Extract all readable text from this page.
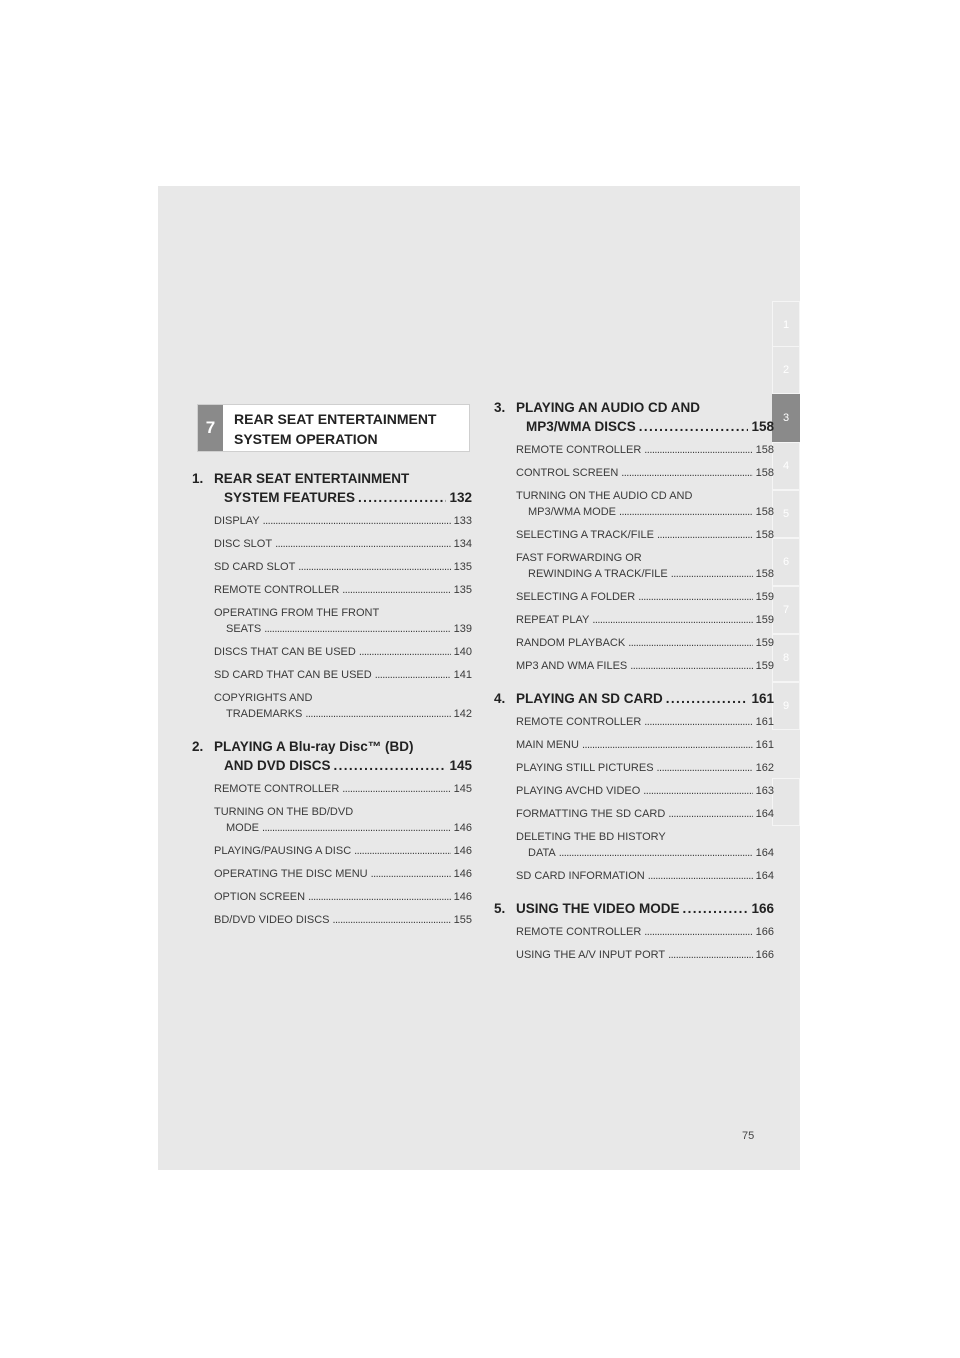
1
2
3
4
5
6
7
8
9
7	REAR SEAT ENTERTAINMENT
SYSTEM OPERATION
1. REAR SEAT ENTERTAINMENT
SYSTEM FEATURES . . .	132
DISPLAY . . .	133
DISC SLOT . . .	134
SD CARD SLOT . . .	135
REMOTE CONTROLLER . . .	135
OPERATING FROM THE FRONT
SEATS . . .	139
DISCS THAT CAN BE USED . . .	140
SD CARD THAT CAN BE USED . . .	141
COPYRIGHTS AND
TRADEMARKS . . .	142
2. PLAYING A Blu-ray Disc™ (BD)
AND DVD DISCS . . .	145
REMOTE CONTROLLER . . .	145
TURNING ON THE BD/DVD
MODE . . .	146
PLAYING/PAUSING A DISC . . .	146
OPERATING THE DISC MENU . . .	146
OPTION SCREEN . . .	146
BD/DVD VIDEO DISCS . . .	155
3. PLAYING AN AUDIO CD AND
MP3/WMA DISCS . . .	158
REMOTE CONTROLLER . . .	158
CONTROL SCREEN . . .	158
TURNING ON THE AUDIO CD AND
MP3/WMA MODE . . .	158
SELECTING A TRACK/FILE . . .	158
FAST FORWARDING OR
REWINDING A TRACK/FILE . . .	158
SELECTING A FOLDER . . .	159
REPEAT PLAY . . .	159
RANDOM PLAYBACK . . .	159
MP3 AND WMA FILES . . .	159
4. PLAYING AN SD CARD . . .	161
REMOTE CONTROLLER . . .	161
MAIN MENU . . .	161
PLAYING STILL PICTURES . . .	162
PLAYING AVCHD VIDEO . . .	163
FORMATTING THE SD CARD . . .	164
DELETING THE BD HISTORY
DATA . . .	164
SD CARD INFORMATION . . .	164
5. USING THE VIDEO MODE . . .	166
REMOTE CONTROLLER . . .	166
USING THE A/V INPUT PORT . . .	166
75
